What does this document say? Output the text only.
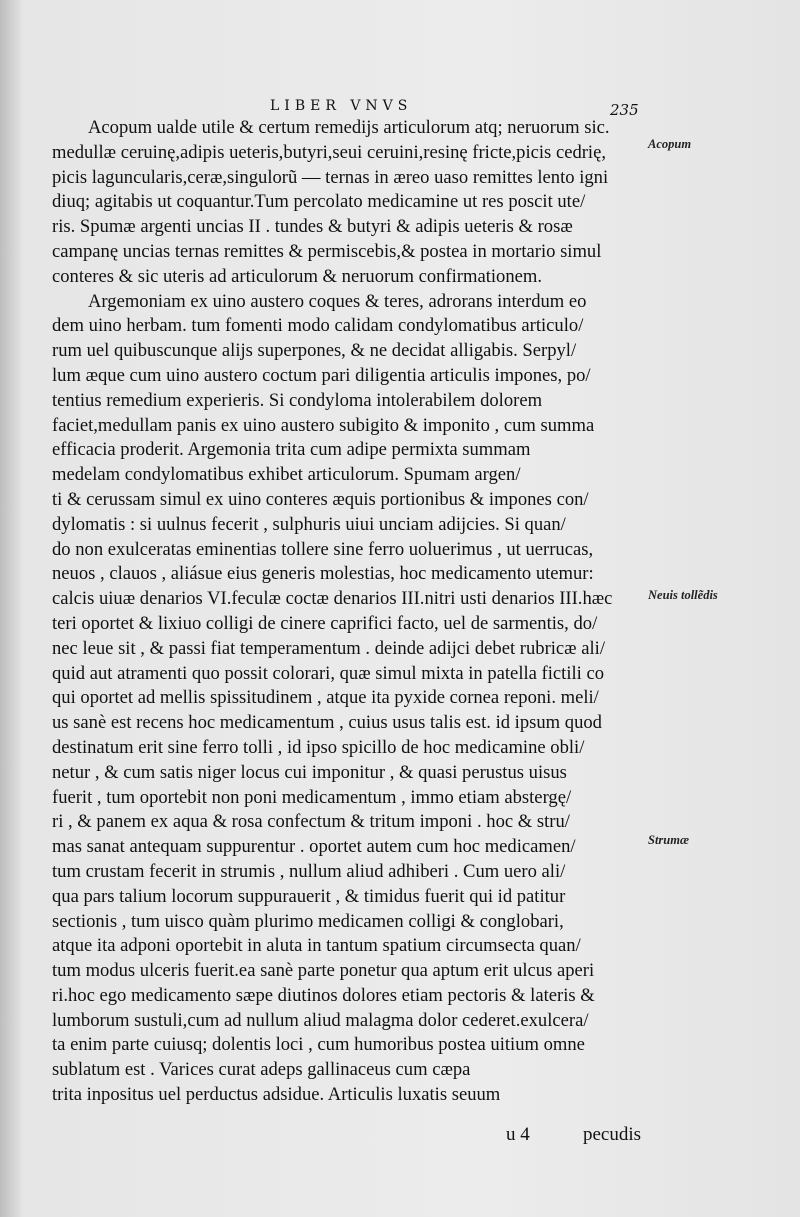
LIBER VNVS	235
Acopum ualde utile & certum remedijs articulorum atq; neruorum sic.
medullæ ceruinę,adipis ueteris,butyri,seui ceruini,resinę fricte,picis cedrię,
picis laguncularis,ceræ,singulorũ — ternas in æreo uaso remittes lento igni
diuq; agitabis ut coquantur.Tum percolato medicamine ut res poscit ute/
ris. Spumæ argenti uncias II . tundes & butyri & adipis ueteris & rosæ
campanę uncias ternas remittes & permiscebis,& postea in mortario simul
conteres & sic uteris ad articulorum & neruorum confirmationem.
Argemoniam ex uino austero coques & teres, adrorans interdum eo
dem uino herbam. tum fomenti modo calidam condylomatibus articulo/
rum uel quibuscunque alijs superpones, & ne decidat alligabis. Serpyl/
lum æque cum uino austero coctum pari diligentia articulis impones, po/
tentius remedium experieris. Si condyloma intolerabilem dolorem
faciet,medullam panis ex uino austero subigito & imponito , cum summa
efficacia proderit. Argemonia trita cum adipe permixta summam
medelam condylomatibus exhibet articulorum. Spumam argen/
ti & cerussam simul ex uino conteres æquis portionibus & impones con/
dylomatis : si uulnus fecerit , sulphuris uiui unciam adijcies. Si quan/
do non exulceratas eminentias tollere sine ferro uoluerimus , ut uerrucas,
neuos , clauos , aliásue eius generis molestias, hoc medicamento utemur:
calcis uiuæ denarios VI.feculæ coctæ denarios III.nitri usti denarios III.hæc
teri oportet & lixiuo colligi de cinere caprifici facto, uel de sarmentis, do/
nec leue sit , & passi fiat temperamentum . deinde adijci debet rubricæ ali/
quid aut atramenti quo possit colorari, quæ simul mixta in patella fictili co
qui oportet ad mellis spissitudinem , atque ita pyxide cornea reponi. meli/
us sanè est recens hoc medicamentum , cuius usus talis est. id ipsum quod
destinatum erit sine ferro tolli , id ipso spicillo de hoc medicamine obli/
netur , & cum satis niger locus cui imponitur , & quasi perustus uisus
fuerit , tum oportebit non poni medicamentum , immo etiam abstergę/
ri , & panem ex aqua & rosa confectum & tritum imponi . hoc & stru/
mas sanat antequam suppurentur . oportet autem cum hoc medicamen/
tum crustam fecerit in strumis , nullum aliud adhiberi . Cum uero ali/
qua pars talium locorum suppurauerit , & timidus fuerit qui id patitur
sectionis , tum uisco quàm plurimo medicamen colligi & conglobari,
atque ita adponi oportebit in aluta in tantum spatium circumsecta quan/
tum modus ulceris fuerit.ea sanè parte ponetur qua aptum erit ulcus aperi
ri.hoc ego medicamento sæpe diutinos dolores etiam pectoris & lateris &
lumborum sustuli,cum ad nullum aliud malagma dolor cederet.exulcera/
ta enim parte cuiusq; dolentis loci , cum humoribus postea uitium omne
sublatum est . Varices curat adeps gallinaceus cum cæpa
trita inpositus uel perductus adsidue. Articulis luxatis seuum
Acopum
Neuis tollẽdis
Strumæ
u 4	pecudis
